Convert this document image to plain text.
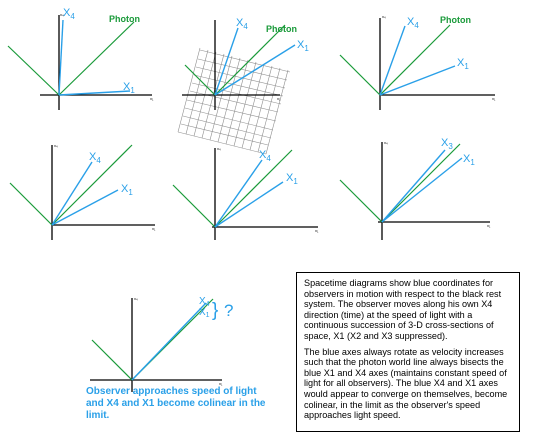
Photon
$X_4$
$X_1$
x₁
x₄
Photon
$X_4$
$X_1$
x₁
Photon
$X_4$
$X_1$
x₁
x₄
$X_4$
$X_1$
x₁
x₄
$X_4$
$X_1$
x₁
x₄	$X_3$
$X_1$
x₁
x₄
$X_4$
$X_1$ } ?
x₁
x₄
Observer approaches speed of light and X4 and X1 become colinear in the limit.

Spacetime diagrams show blue coordinates for observers in motion with respect to the black rest system. The observer moves along his own X4 direction (time) at the speed of light with a continuous succession of 3-D cross-sections of space, X1 (X2 and X3 suppressed).

The blue axes always rotate as velocity increases such that the photon world line always bisects the blue X1 and X4 axes (maintains constant speed of light for all observers). The blue X4 and X1 axes would appear to converge on themselves, become colinear, in the limit as the observer's speed approaches light speed.
